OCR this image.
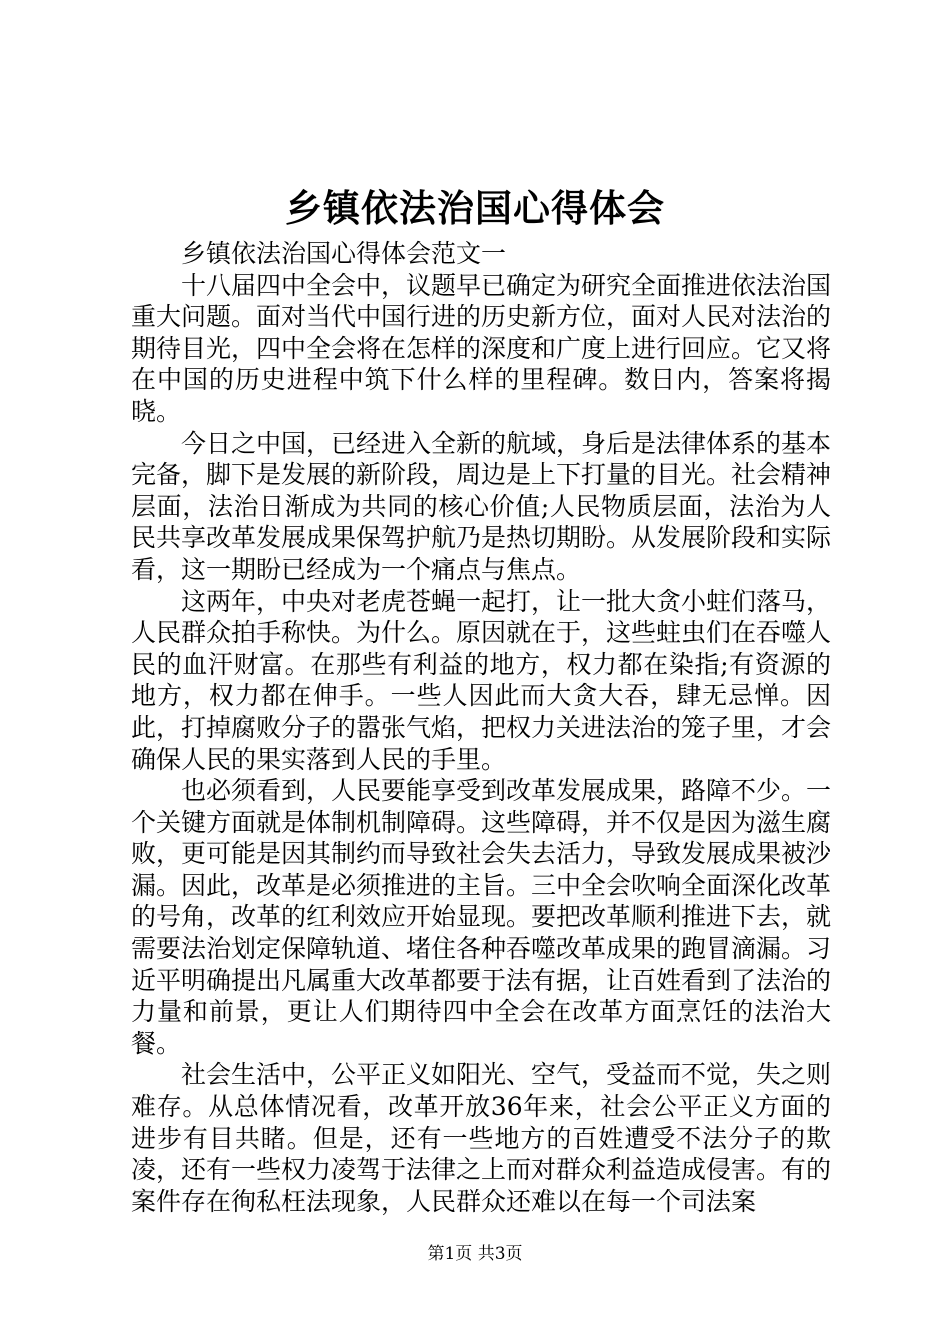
乡镇依法治国心得体会

乡镇依法治国心得体会范文一

十八届四中全会中，议题早已确定为研究全面推进依法治国重大问题。面对当代中国行进的历史新方位，面对人民对法治的期待目光，四中全会将在怎样的深度和广度上进行回应。它又将在中国的历史进程中筑下什么样的里程碑。数日内，答案将揭晓。

今日之中国，已经进入全新的航域，身后是法律体系的基本完备，脚下是发展的新阶段，周边是上下打量的目光。社会精神层面，法治日渐成为共同的核心价值;人民物质层面，法治为人民共享改革发展成果保驾护航乃是热切期盼。从发展阶段和实际看，这一期盼已经成为一个痛点与焦点。

这两年，中央对老虎苍蝇一起打，让一批大贪小蛀们落马，人民群众拍手称快。为什么。原因就在于，这些蛀虫们在吞噬人民的血汗财富。在那些有利益的地方，权力都在染指;有资源的地方，权力都在伸手。一些人因此而大贪大吞，肆无忌惮。因此，打掉腐败分子的嚣张气焰，把权力关进法治的笼子里，才会确保人民的果实落到人民的手里。

也必须看到，人民要能享受到改革发展成果，路障不少。一个关键方面就是体制机制障碍。这些障碍，并不仅是因为滋生腐败，更可能是因其制约而导致社会失去活力，导致发展成果被沙漏。因此，改革是必须推进的主旨。三中全会吹响全面深化改革的号角，改革的红利效应开始显现。要把改革顺利推进下去，就需要法治划定保障轨道、堵住各种吞噬改革成果的跑冒滴漏。习近平明确提出凡属重大改革都要于法有据，让百姓看到了法治的力量和前景，更让人们期待四中全会在改革方面烹饪的法治大餐。

社会生活中，公平正义如阳光、空气，受益而不觉，失之则难存。从总体情况看，改革开放36年来，社会公平正义方面的进步有目共睹。但是，还有一些地方的百姓遭受不法分子的欺凌，还有一些权力凌驾于法律之上而对群众利益造成侵害。有的案件存在徇私枉法现象，人民群众还难以在每一个司法案

第1页 共3页
